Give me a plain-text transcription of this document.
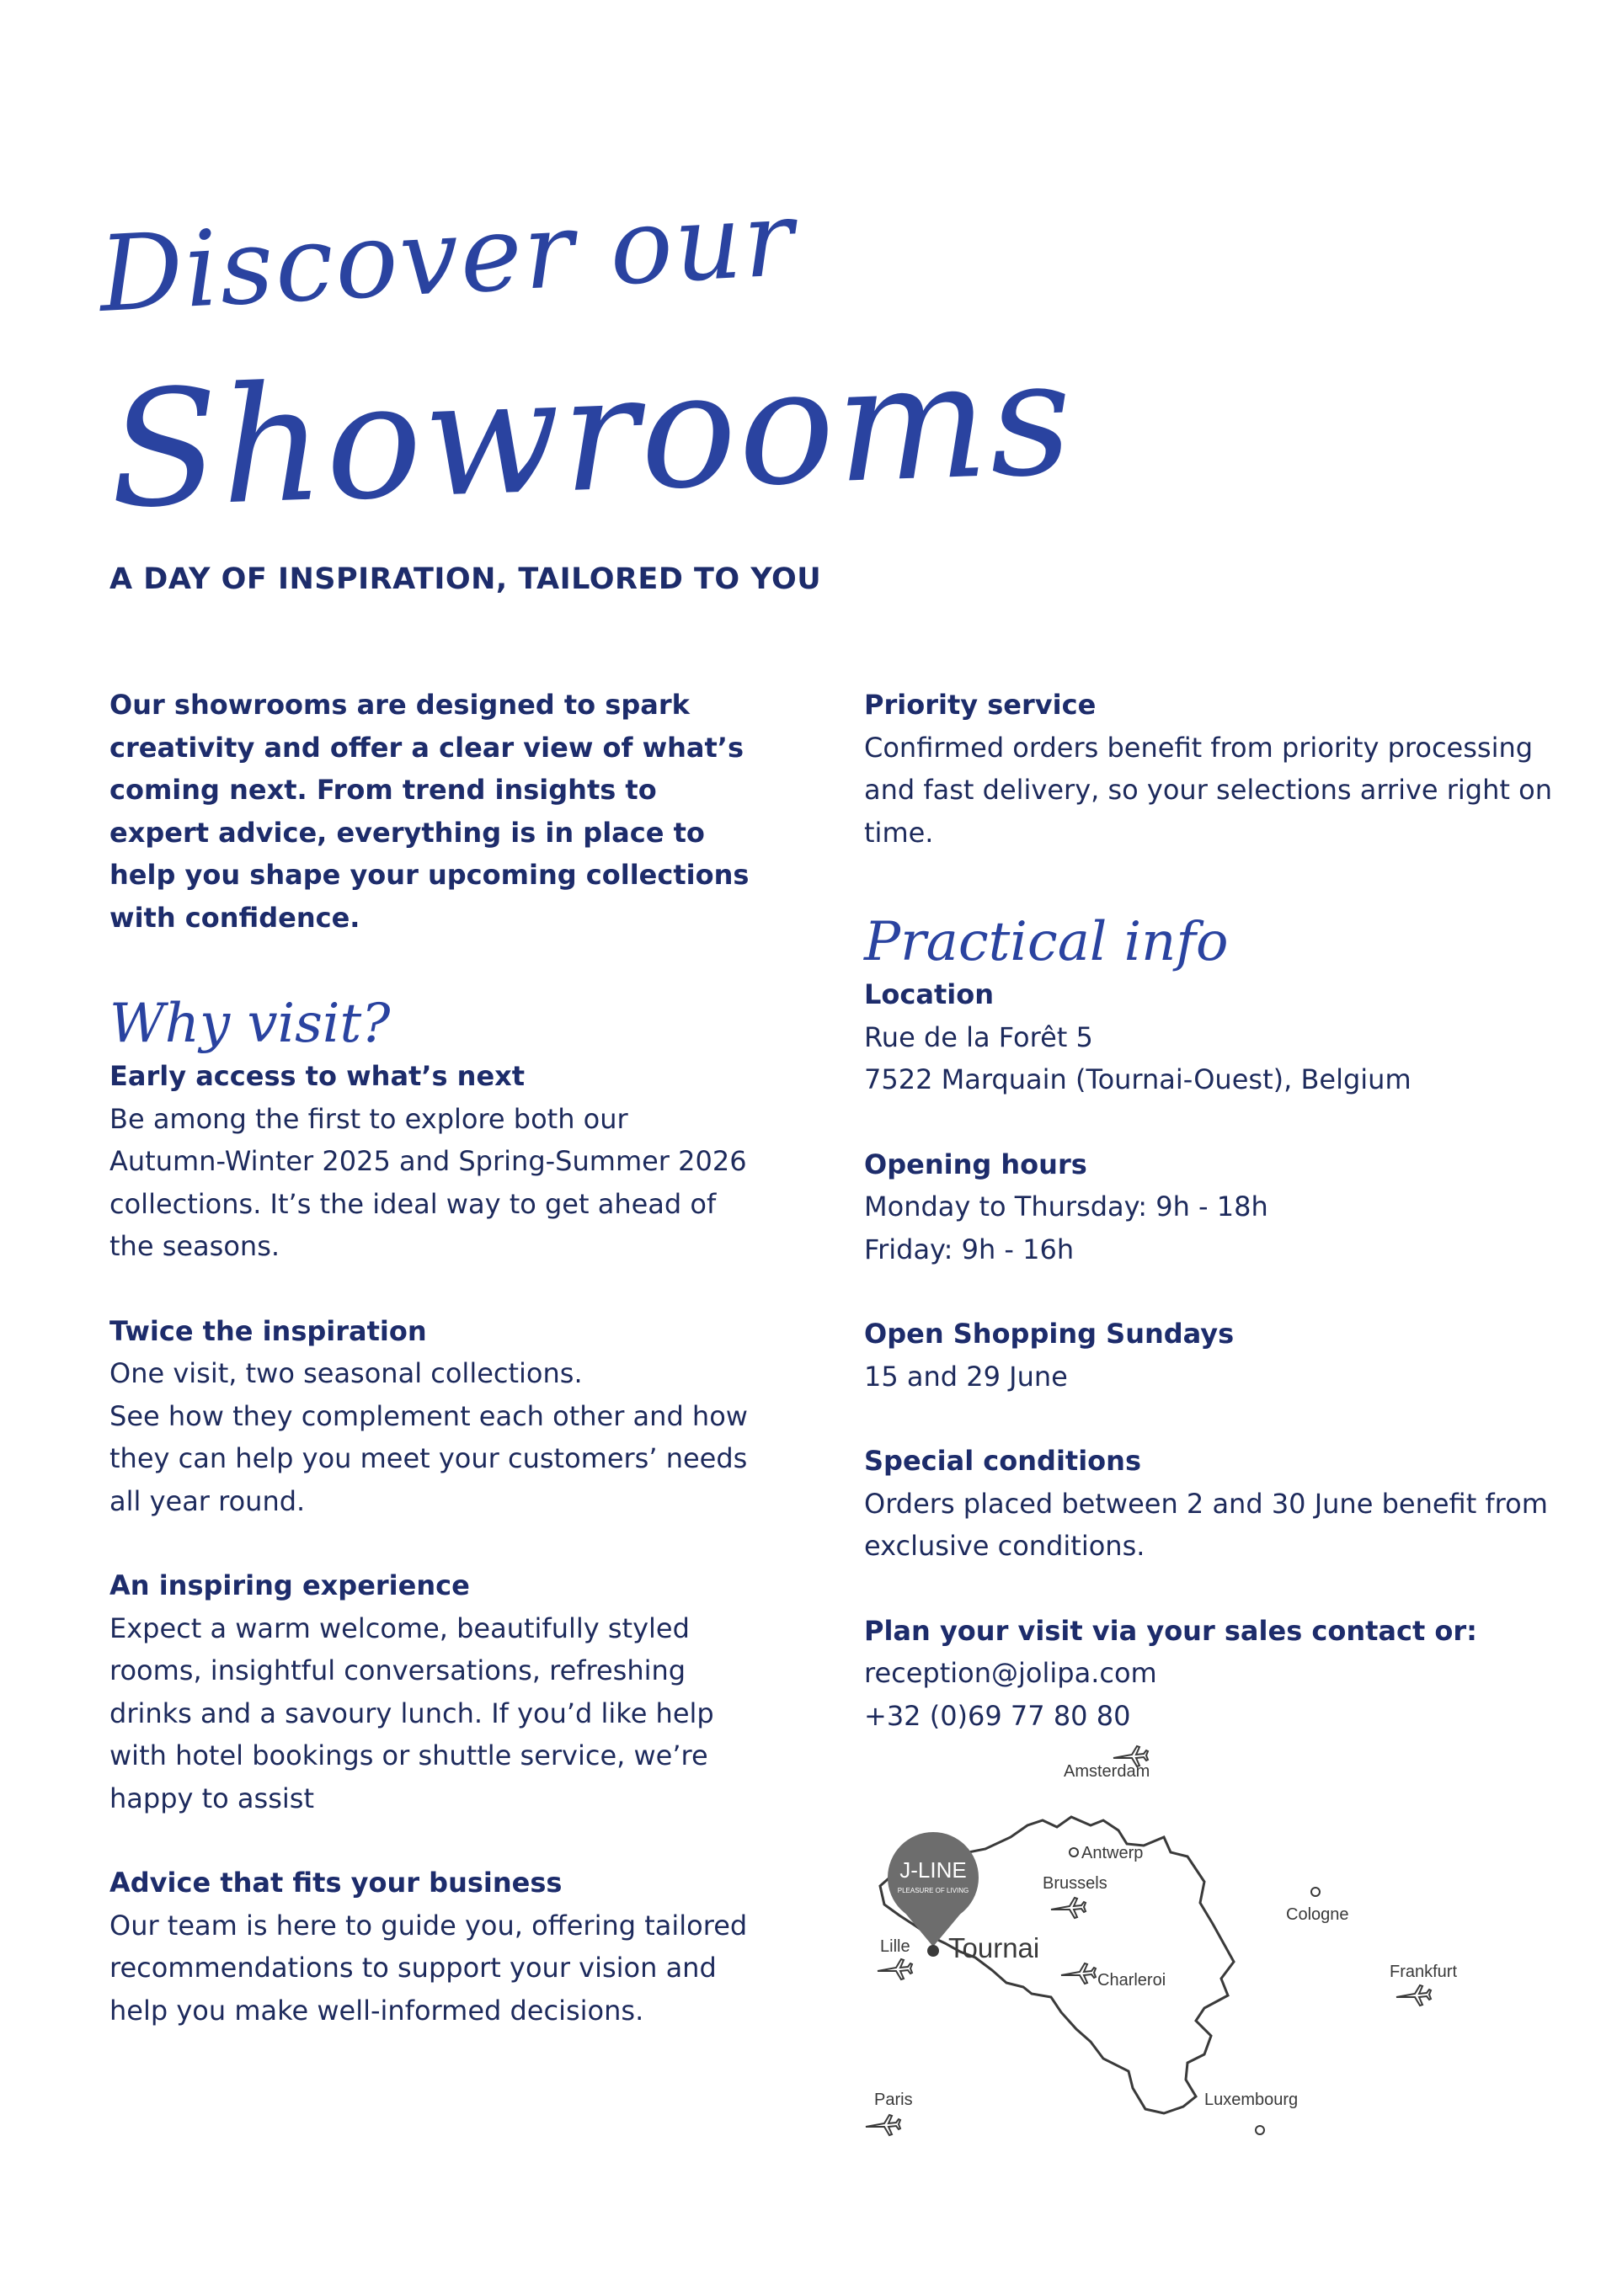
Discover our
Showrooms
A DAY OF INSPIRATION, TAILORED TO YOU

Our showrooms are designed to spark creativity and offer a clear view of what’s coming next. From trend insights to expert advice, everything is in place to help you shape your upcoming collections with confidence.

Why visit?

Early access to what’s next

Be among the first to explore both our Autumn-Winter 2025 and Spring-Summer 2026 collections. It’s the ideal way to get ahead of the seasons.

Twice the inspiration

One visit, two seasonal collections.
See how they complement each other and how they can help you meet your customers’ needs all year round.

An inspiring experience

Expect a warm welcome, beautifully styled rooms, insightful conversations, refreshing drinks and a savoury lunch. If you’d like help with hotel bookings or shuttle service, we’re happy to assist

Advice that fits your business

Our team is here to guide you, offering tailored recommendations to support your vision and help you make well-informed decisions.

Priority service

Confirmed orders benefit from priority processing and fast delivery, so your selections arrive right on time.

Practical info

Location

Rue de la Forêt 5

7522 Marquain (Tournai-Ouest), Belgium

Opening hours

Monday to Thursday: 9h - 18h

Friday: 9h - 16h

Open Shopping Sundays

15 and 29 June

Special conditions

Orders placed between 2 and 30 June benefit from exclusive conditions.

Plan your visit via your sales contact or:

reception@jolipa.com

+32 (0)69 77 80 80

J-LINE
PLEASURE OF LIVING
Amsterdam
Antwerp
Brussels
Cologne
Lille Tournai
Charleroi	Frankfurt
Paris	Luxembourg
